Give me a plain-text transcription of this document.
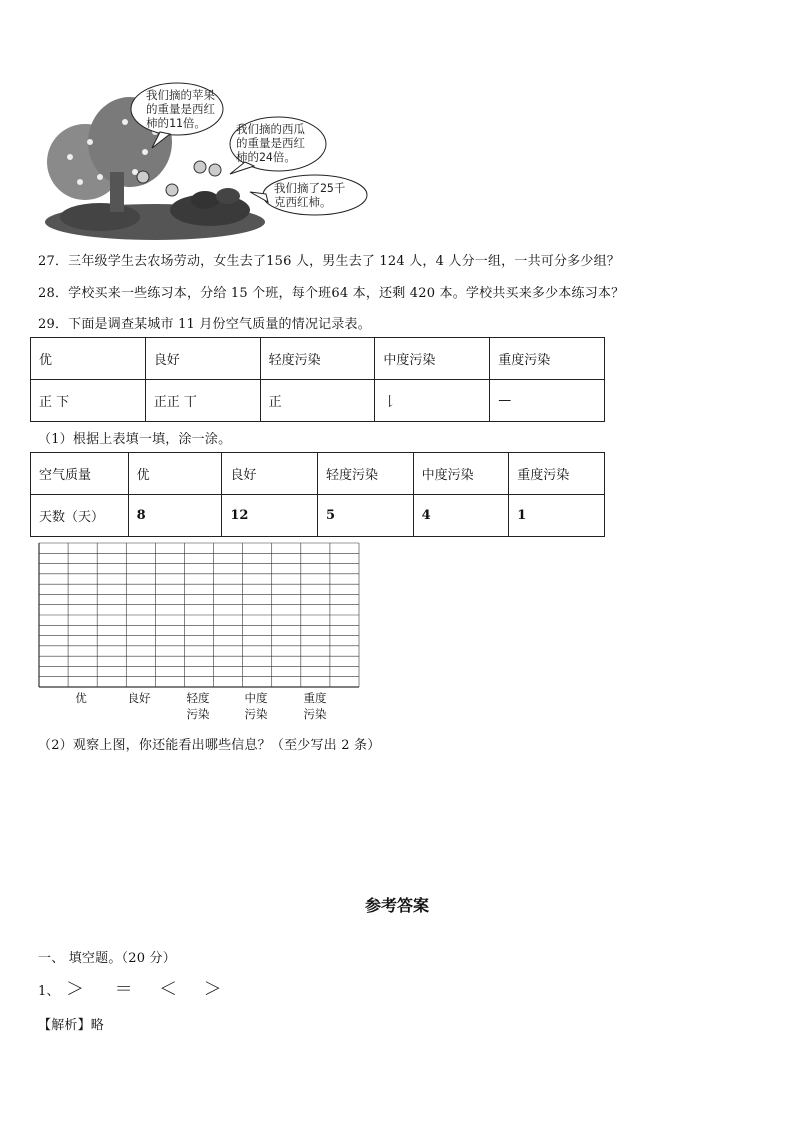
我们摘的苹果
的重量是西红
柿的11倍。	我们摘的西瓜
的重量是西红
柿的24倍。
我们摘了25千
克西红柿。
27．三年级学生去农场劳动，女生去了156 人，男生去了 124 人，4 人分一组，一共可分多少组？
28．学校买来一些练习本，分给 15 个班，每个班64 本，还剩 420 本。学校共买来多少本练习本？
29．下面是调查某城市 11 月份空气质量的情况记录表。
优	良好	轻度污染	中度污染	重度污染
正 下	正正 丅	正	𠄌	—
（1）根据上表填一填，涂一涂。
空气质量	优	良好	轻度污染	中度污染	重度污染
天数（天）	8	12	5	4	1
优	良好	轻度
污染
中度
污染
重度
污染
（2）观察上图，你还能看出哪些信息？（至少写出 2 条）
参考答案
一、 填空题。（20 分）
1、 ＞ ＝ ＜ ＞
【解析】略
